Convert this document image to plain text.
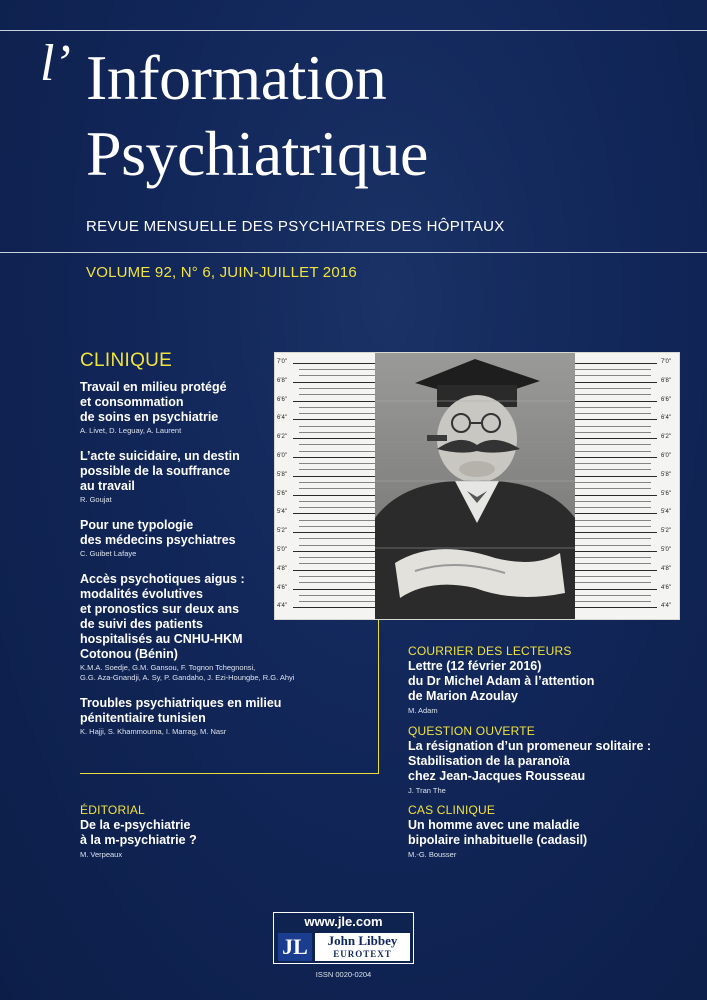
l’ Information
Psychiatrique
REVUE MENSUELLE DES PSYCHIATRES DES HÔPITAUX
VOLUME 92, N° 6, JUIN-JUILLET 2016
CLINIQUE
Travail en milieu protégé
et consommation
de soins en psychiatrie
A. Livet, D. Leguay, A. Laurent
L’acte suicidaire, un destin
possible de la souffrance
au travail
R. Goujat
Pour une typologie
des médecins psychiatres
C. Guibet Lafaye
Accès psychotiques aigus :
modalités évolutives
et pronostics sur deux ans
de suivi des patients
hospitalisés au CNHU-HKM
Cotonou (Bénin)
K.M.A. Soedje, G.M. Gansou, F. Tognon Tchegnonsi,
G.G. Aza-Gnandji, A. Sy, P. Gandaho, J. Ezi-Houngbe, R.G. Ahyi
Troubles psychiatriques en milieu
pénitentiaire tunisien
K. Hajji, S. Khammouma, I. Marrag, M. Nasr
7'0"	7'0"
6'8"	6'8"
6'6"	6'6"
6'4"	6'4"
6'2"	6'2"
6'0"	6'0"
5'8"	5'8"
5'6"	5'6"
5'4"	5'4"
5'2"	5'2"
5'0"	5'0"
4'8"	4'8"
4'6"	4'6"
4'4"	4'4"
COURRIER DES LECTEURS
Lettre (12 février 2016)
du Dr Michel Adam à l’attention
de Marion Azoulay
M. Adam
QUESTION OUVERTE
La résignation d’un promeneur solitaire :
Stabilisation de la paranoïa
chez Jean-Jacques Rousseau
J. Tran The
CAS CLINIQUE
Un homme avec une maladie
bipolaire inhabituelle (cadasil)
M.-G. Bousser
ÉDITORIAL
De la e-psychiatrie
à la m-psychiatrie ?
M. Verpeaux
www.jle.com
JL	John Libbey
EUROTEXT
ISSN 0020-0204
